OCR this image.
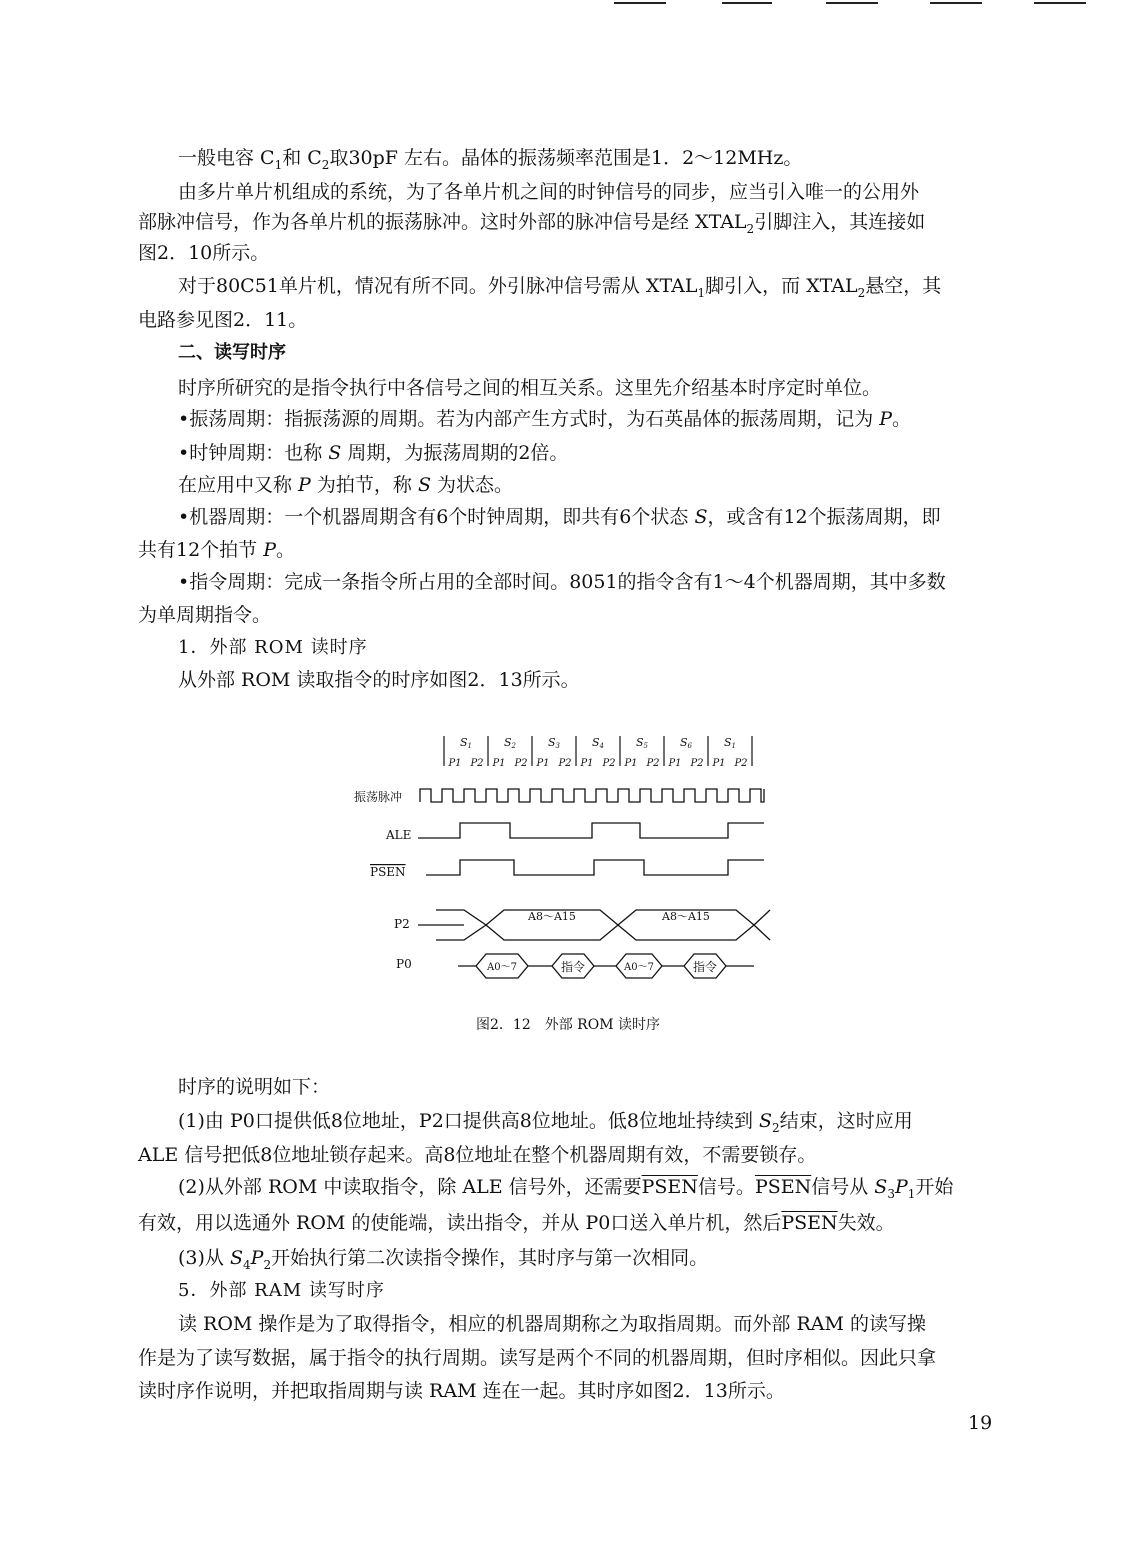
一般电容 $C_1$和 $C_2$取30pF 左右。晶体的振荡频率范围是1．2～12MHz。
由多片单片机组成的系统，为了各单片机之间的时钟信号的同步，应当引入唯一的公用外
部脉冲信号，作为各单片机的振荡脉冲。这时外部的脉冲信号是经 $XTAL_2$引脚注入，其连接如
图2．10所示。
对于80C51单片机，情况有所不同。外引脉冲信号需从 $XTAL_1$脚引入，而 $XTAL_2$悬空，其
电路参见图2．11。
二、读写时序
时序所研究的是指令执行中各信号之间的相互关系。这里先介绍基本时序定时单位。
•振荡周期：指振荡源的周期。若为内部产生方式时，为石英晶体的振荡周期，记为 P。
•时钟周期：也称 S 周期，为振荡周期的2倍。
在应用中又称 P 为拍节，称 S 为状态。
•机器周期：一个机器周期含有6个时钟周期，即共有6个状态 S，或含有12个振荡周期，即
共有12个拍节 P。
•指令周期：完成一条指令所占用的全部时间。8051的指令含有1～4个机器周期，其中多数
为单周期指令。
1．外部 ROM 读时序
从外部 ROM 读取指令的时序如图2．13所示。
S1
P1 P2
S2
P1 P2
S3
P1 P2
S4
P1 P2
S5
P1 P2
S6
P1 P2
S1
P1 P2
振荡脉冲
ALE
PSEN
P2
P0
A8～A15	A8～A15
A0～7	指令	A0～7	指令
图2．12　外部 ROM 读时序
时序的说明如下：
(1)由 P0口提供低8位地址，P2口提供高8位地址。低8位地址持续到 $S_2$结束，这时应用
ALE 信号把低8位地址锁存起来。高8位地址在整个机器周期有效，不需要锁存。
(2)从外部 ROM 中读取指令，除 ALE 信号外，还需要PSEN信号。PSEN信号从 $S_3P_1$开始
有效，用以选通外 ROM 的使能端，读出指令，并从 P0口送入单片机，然后PSEN失效。
(3)从 $S_4P_2$开始执行第二次读指令操作，其时序与第一次相同。
5．外部 RAM 读写时序
读 ROM 操作是为了取得指令，相应的机器周期称之为取指周期。而外部 RAM 的读写操
作是为了读写数据，属于指令的执行周期。读写是两个不同的机器周期，但时序相似。因此只拿
读时序作说明，并把取指周期与读 RAM 连在一起。其时序如图2．13所示。
19
